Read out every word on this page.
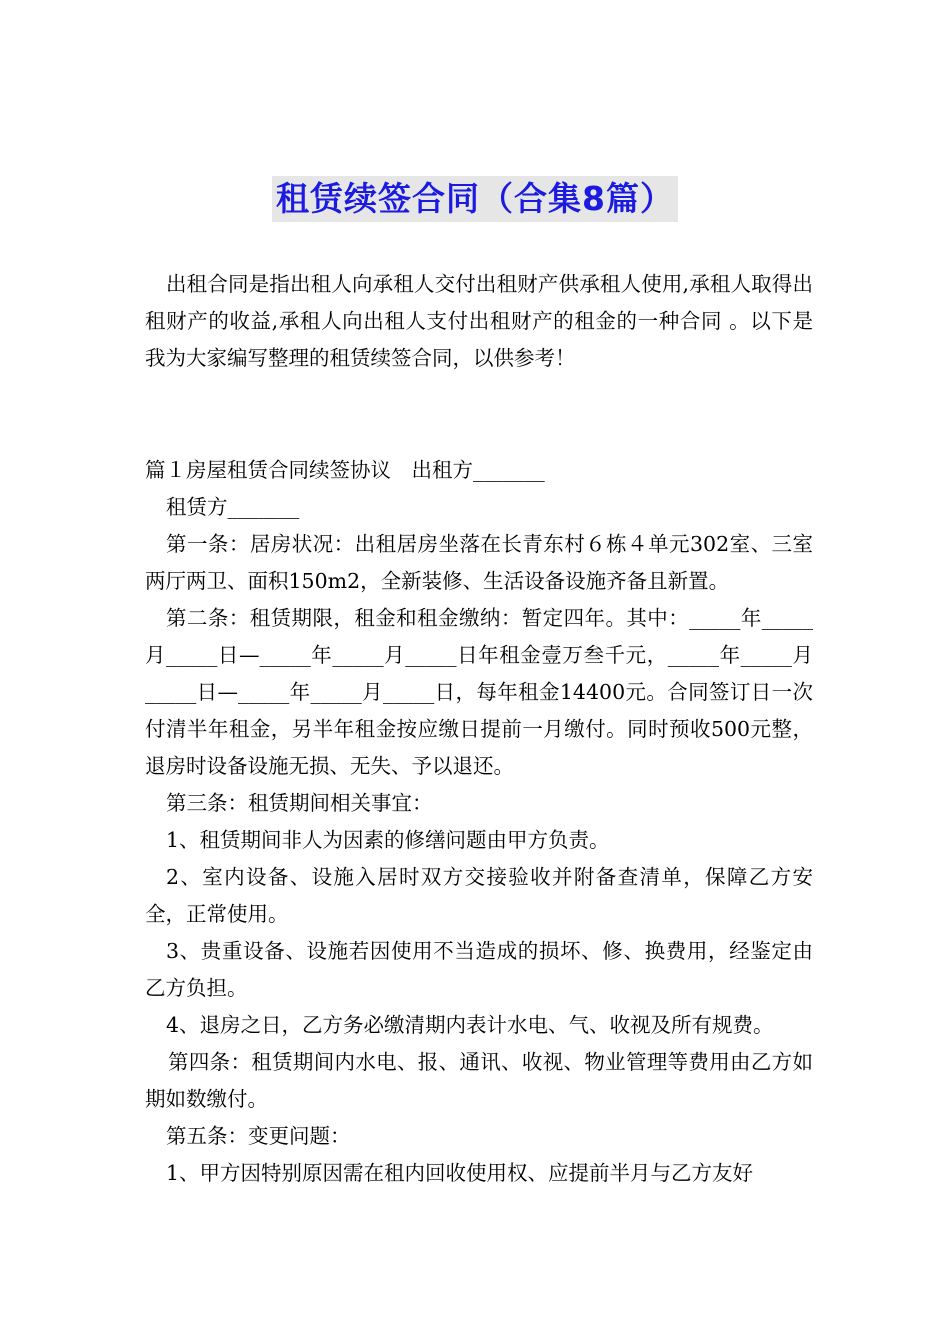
租赁续签合同（合集8篇）

出租合同是指出租人向承租人交付出租财产供承租人使用,承租人取得出租财产的收益,承租人向出租人支付出租财产的租金的一种合同 。以下是我为大家编写整理的租赁续签合同，以供参考！

篇１房屋租赁合同续签协议　出租方_______

租赁方_______

第一条：居房状况：出租居房坐落在长青东村６栋４单元302室、三室两厅两卫、面积150m2，全新装修、生活设备设施齐备且新置。

第二条：租赁期限，租金和租金缴纳：暂定四年。其中：_____年_____月_____日—_____年_____月_____日年租金壹万叁千元，_____年_____月_____日—_____年_____月_____日，每年租金14400元。合同签订日一次付清半年租金，另半年租金按应缴日提前一月缴付。同时预收500元整，退房时设备设施无损、无失、予以退还。

第三条：租赁期间相关事宜：

1、租赁期间非人为因素的修缮问题由甲方负责。

2、室内设备、设施入居时双方交接验收并附备查清单，保障乙方安全，正常使用。

3、贵重设备、设施若因使用不当造成的损坏、修、换费用，经鉴定由乙方负担。

4、退房之日，乙方务必缴清期内表计水电、气、收视及所有规费。

第四条：租赁期间内水电、报、通讯、收视、物业管理等费用由乙方如期如数缴付。

第五条：变更问题：

1、甲方因特别原因需在租内回收使用权、应提前半月与乙方友好
